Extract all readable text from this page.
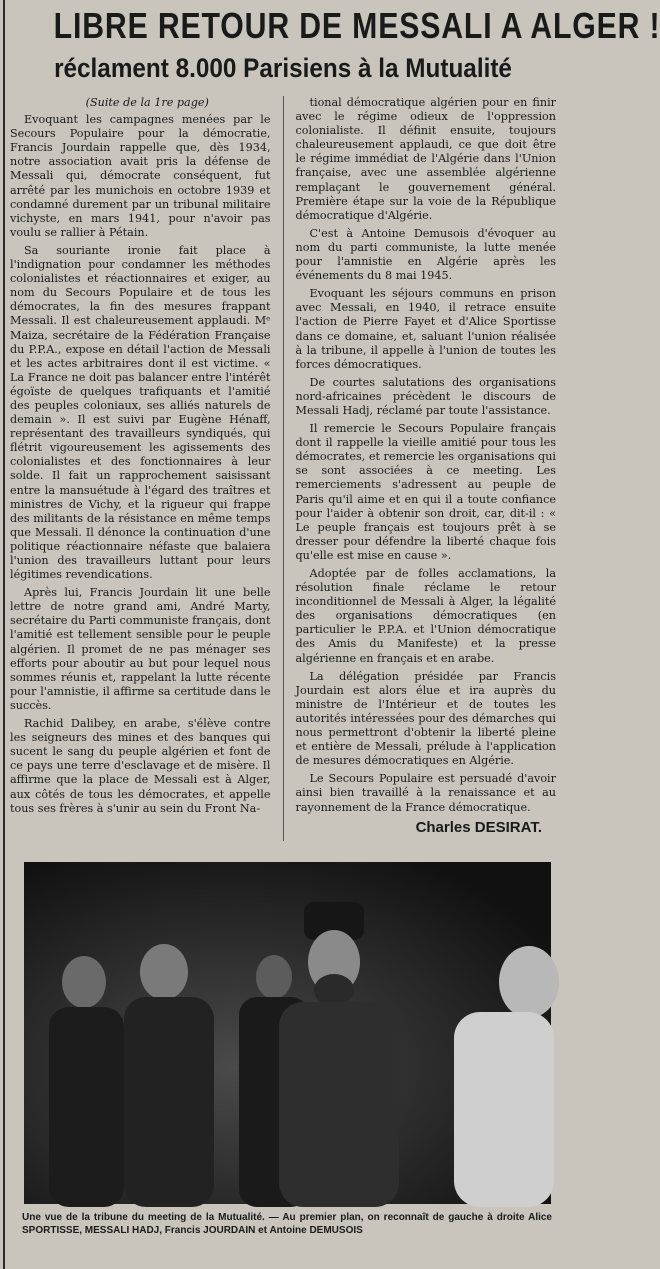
LIBRE RETOUR DE MESSALI A ALGER !
réclament 8.000 Parisiens à la Mutualité

(Suite de la 1re page)

Evoquant les campagnes menées par le Secours Populaire pour la démocratie, Francis Jourdain rappelle que, dès 1934, notre association avait pris la défense de Messali qui, démocrate conséquent, fut arrêté par les munichois en octobre 1939 et condamné durement par un tribunal militaire vichyste, en mars 1941, pour n'avoir pas voulu se rallier à Pétain.

Sa souriante ironie fait place à l'indignation pour condamner les méthodes colonialistes et réactionnaires et exiger, au nom du Secours Populaire et de tous les démocrates, la fin des mesures frappant Messali. Il est chaleureusement applaudi. Mᵉ Maiza, secrétaire de la Fédération Française du P.P.A., expose en détail l'action de Messali et les actes arbitraires dont il est victime. « La France ne doit pas balancer entre l'intérêt égoïste de quelques trafiquants et l'amitié des peuples coloniaux, ses alliés naturels de demain ». Il est suivi par Eugène Hénaff, représentant des travailleurs syndiqués, qui flétrit vigoureusement les agissements des colonialistes et des fonctionnaires à leur solde. Il fait un rapprochement saisissant entre la mansuétude à l'égard des traîtres et ministres de Vichy, et la rigueur qui frappe des militants de la résistance en même temps que Messali. Il dénonce la continuation d'une politique réactionnaire néfaste que balaiera l'union des travailleurs luttant pour leurs légitimes revendications.

Après lui, Francis Jourdain lit une belle lettre de notre grand ami, André Marty, secrétaire du Parti communiste français, dont l'amitié est tellement sensible pour le peuple algérien. Il promet de ne pas ménager ses efforts pour aboutir au but pour lequel nous sommes réunis et, rappelant la lutte récente pour l'amnistie, il affirme sa certitude dans le succès.

Rachid Dalibey, en arabe, s'élève contre les seigneurs des mines et des banques qui sucent le sang du peuple algérien et font de ce pays une terre d'esclavage et de misère. Il affirme que la place de Messali est à Alger, aux côtés de tous les démocrates, et appelle tous ses frères à s'unir au sein du Front Na-

tional démocratique algérien pour en finir avec le régime odieux de l'oppression colonialiste. Il définit ensuite, toujours chaleureusement applaudi, ce que doit être le régime immédiat de l'Algérie dans l'Union française, avec une assemblée algérienne remplaçant le gouvernement général. Première étape sur la voie de la République démocratique d'Algérie.

C'est à Antoine Demusois d'évoquer au nom du parti communiste, la lutte menée pour l'amnistie en Algérie après les événements du 8 mai 1945.

Evoquant les séjours communs en prison avec Messali, en 1940, il retrace ensuite l'action de Pierre Fayet et d'Alice Sportisse dans ce domaine, et, saluant l'union réalisée à la tribune, il appelle à l'union de toutes les forces démocratiques.

De courtes salutations des organisations nord-africaines précèdent le discours de Messali Hadj, réclamé par toute l'assistance.

Il remercie le Secours Populaire français dont il rappelle la vieille amitié pour tous les démocrates, et remercie les organisations qui se sont associées à ce meeting. Les remerciements s'adressent au peuple de Paris qu'il aime et en qui il a toute confiance pour l'aider à obtenir son droit, car, dit-il : « Le peuple français est toujours prêt à se dresser pour défendre la liberté chaque fois qu'elle est mise en cause ».

Adoptée par de folles acclamations, la résolution finale réclame le retour inconditionnel de Messali à Alger, la légalité des organisations démocratiques (en particulier le P.P.A. et l'Union démocratique des Amis du Manifeste) et la presse algérienne en français et en arabe.

La délégation présidée par Francis Jourdain est alors élue et ira auprès du ministre de l'Intérieur et de toutes les autorités intéressées pour des démarches qui nous permettront d'obtenir la liberté pleine et entière de Messali, prélude à l'application de mesures démocratiques en Algérie.

Le Secours Populaire est persuadé d'avoir ainsi bien travaillé à la renaissance et au rayonnement de la France démocratique.

Charles DESIRAT.
Une vue de la tribune du meeting de la Mutualité. — Au premier plan, on reconnaît de gauche à droite Alice SPORTISSE, MESSALI HADJ, Francis JOURDAIN et Antoine DEMUSOIS
